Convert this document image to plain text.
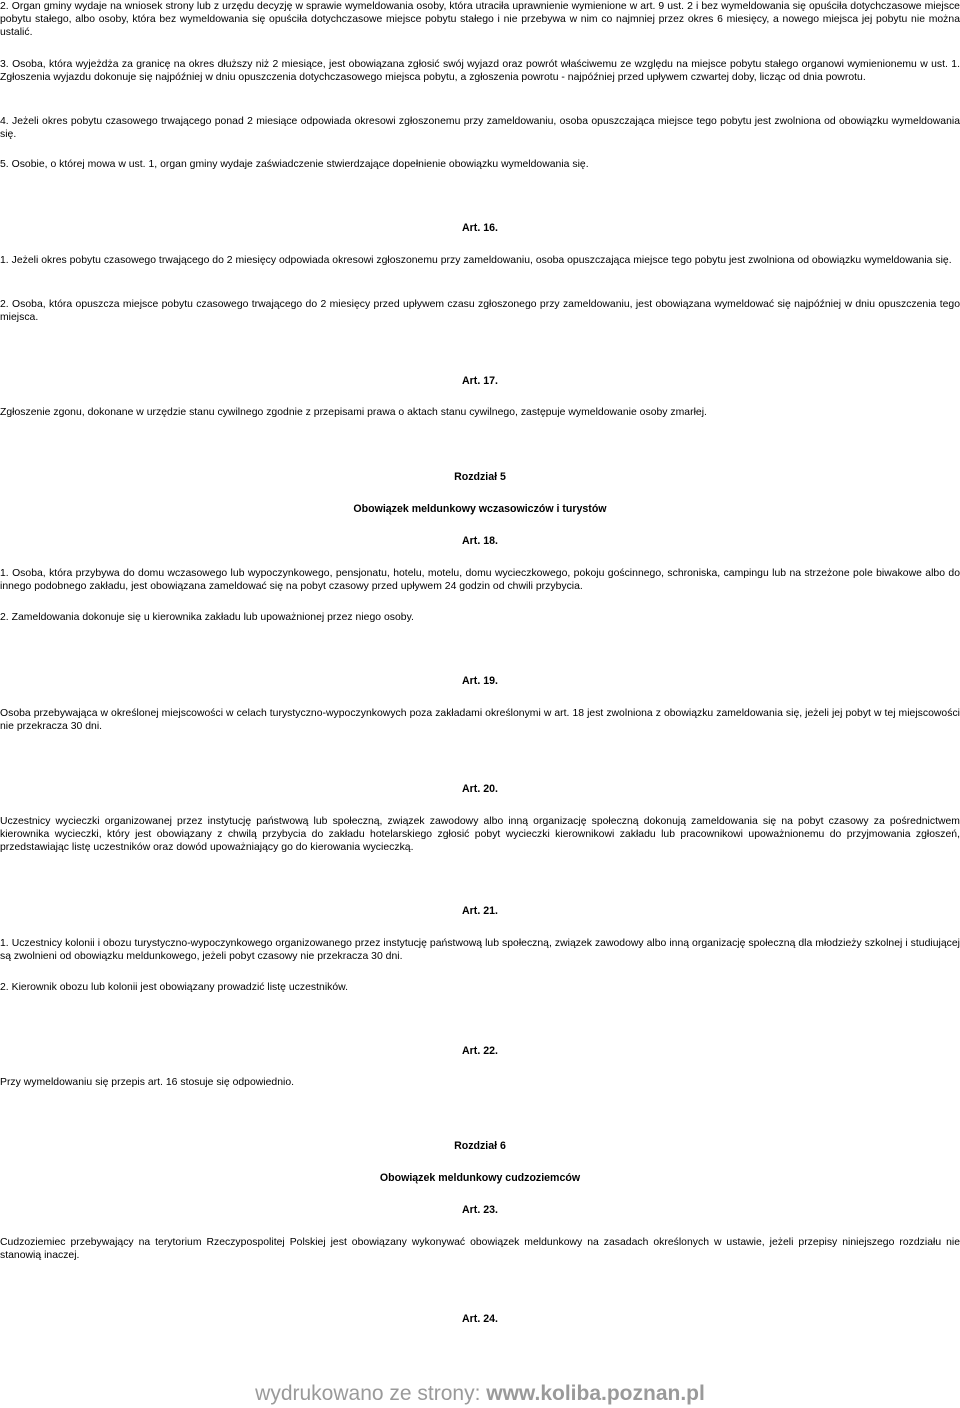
2. Organ gminy wydaje na wniosek strony lub z urzędu decyzję w sprawie wymeldowania osoby, która utraciła uprawnienie wymienione w art. 9 ust. 2 i bez wymeldowania się opuściła dotychczasowe miejsce pobytu stałego, albo osoby, która bez wymeldowania się opuściła dotychczasowe miejsce pobytu stałego i nie przebywa w nim co najmniej przez okres 6 miesięcy, a nowego miejsca jej pobytu nie można ustalić.

3. Osoba, która wyjeżdża za granicę na okres dłuższy niż 2 miesiące, jest obowiązana zgłosić swój wyjazd oraz powrót właściwemu ze względu na miejsce pobytu stałego organowi wymienionemu w ust. 1. Zgłoszenia wyjazdu dokonuje się najpóźniej w dniu opuszczenia dotychczasowego miejsca pobytu, a zgłoszenia powrotu - najpóźniej przed upływem czwartej doby, licząc od dnia powrotu.

4. Jeżeli okres pobytu czasowego trwającego ponad 2 miesiące odpowiada okresowi zgłoszonemu przy zameldowaniu, osoba opuszczająca miejsce tego pobytu jest zwolniona od obowiązku wymeldowania się.

5. Osobie, o której mowa w ust. 1, organ gminy wydaje zaświadczenie stwierdzające dopełnienie obowiązku wymeldowania się.

Art. 16.

1. Jeżeli okres pobytu czasowego trwającego do 2 miesięcy odpowiada okresowi zgłoszonemu przy zameldowaniu, osoba opuszczająca miejsce tego pobytu jest zwolniona od obowiązku wymeldowania się.

2. Osoba, która opuszcza miejsce pobytu czasowego trwającego do 2 miesięcy przed upływem czasu zgłoszonego przy zameldowaniu, jest obowiązana wymeldować się najpóźniej w dniu opuszczenia tego miejsca.

Art. 17.

Zgłoszenie zgonu, dokonane w urzędzie stanu cywilnego zgodnie z przepisami prawa o aktach stanu cywilnego, zastępuje wymeldowanie osoby zmarłej.

Rozdział 5

Obowiązek meldunkowy wczasowiczów i turystów

Art. 18.

1. Osoba, która przybywa do domu wczasowego lub wypoczynkowego, pensjonatu, hotelu, motelu, domu wycieczkowego, pokoju gościnnego, schroniska, campingu lub na strzeżone pole biwakowe albo do innego podobnego zakładu, jest obowiązana zameldować się na pobyt czasowy przed upływem 24 godzin od chwili przybycia.

2. Zameldowania dokonuje się u kierownika zakładu lub upoważnionej przez niego osoby.

Art. 19.

Osoba przebywająca w określonej miejscowości w celach turystyczno-wypoczynkowych poza zakładami określonymi w art. 18 jest zwolniona z obowiązku zameldowania się, jeżeli jej pobyt w tej miejscowości nie przekracza 30 dni.

Art. 20.

Uczestnicy wycieczki organizowanej przez instytucję państwową lub społeczną, związek zawodowy albo inną organizację społeczną dokonują zameldowania się na pobyt czasowy za pośrednictwem kierownika wycieczki, który jest obowiązany z chwilą przybycia do zakładu hotelarskiego zgłosić pobyt wycieczki kierownikowi zakładu lub pracownikowi upoważnionemu do przyjmowania zgłoszeń, przedstawiając listę uczestników oraz dowód upoważniający go do kierowania wycieczką.

Art. 21.

1. Uczestnicy kolonii i obozu turystyczno-wypoczynkowego organizowanego przez instytucję państwową lub społeczną, związek zawodowy albo inną organizację społeczną dla młodzieży szkolnej i studiującej są zwolnieni od obowiązku meldunkowego, jeżeli pobyt czasowy nie przekracza 30 dni.

2. Kierownik obozu lub kolonii jest obowiązany prowadzić listę uczestników.

Art. 22.

Przy wymeldowaniu się przepis art. 16 stosuje się odpowiednio.

Rozdział 6

Obowiązek meldunkowy cudzoziemców

Art. 23.

Cudzoziemiec przebywający na terytorium Rzeczypospolitej Polskiej jest obowiązany wykonywać obowiązek meldunkowy na zasadach określonych w ustawie, jeżeli przepisy niniejszego rozdziału nie stanowią inaczej.

Art. 24.

wydrukowano ze strony: www.koliba.poznan.pl
